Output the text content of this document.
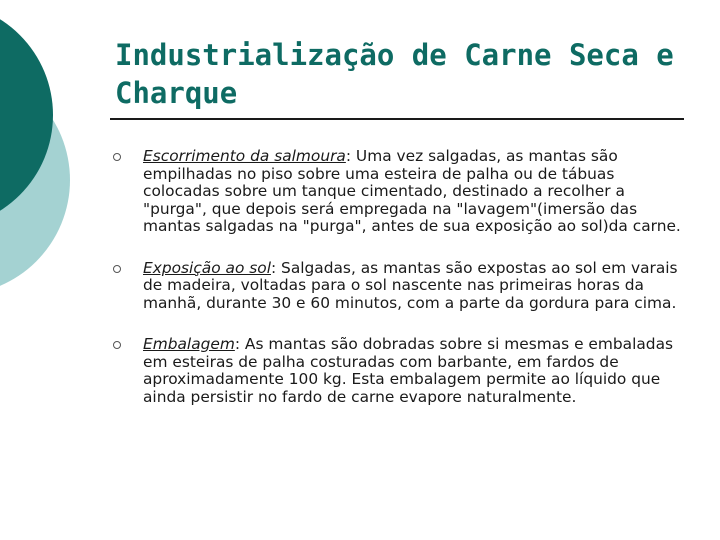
Industrialização de Carne Seca e Charque
Escorrimento da salmoura: Uma vez salgadas, as mantas são empilhadas no piso sobre uma esteira de palha ou de tábuas colocadas sobre um tanque cimentado, destinado a recolher a "purga", que depois será empregada na "lavagem"(imersão das mantas salgadas na "purga", antes de sua exposição ao sol)da carne.
Exposição ao sol: Salgadas, as mantas são expostas ao sol em varais de madeira, voltadas para o sol nascente nas primeiras horas da manhã, durante 30 e 60 minutos, com a parte da gordura para cima.
Embalagem: As mantas são dobradas sobre si mesmas e embaladas em esteiras de palha costuradas com barbante, em fardos de aproximadamente 100 kg. Esta embalagem permite ao líquido que ainda persistir no fardo de carne evapore naturalmente.
